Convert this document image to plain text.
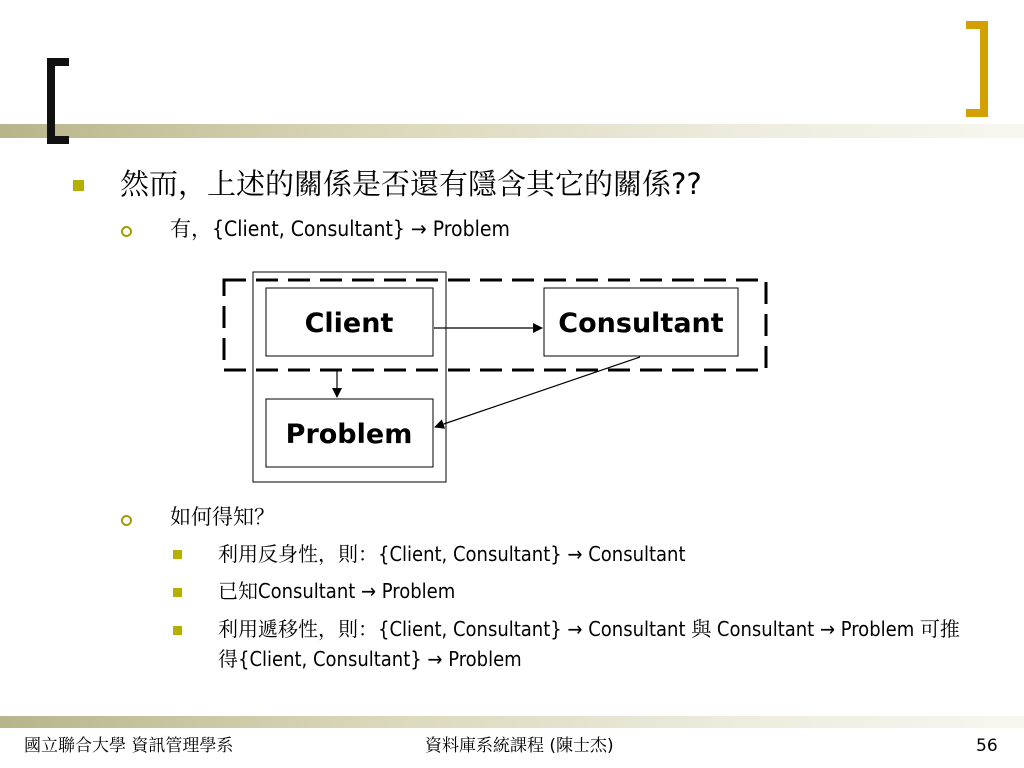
然而，上述的關係是否還有隱含其它的關係??
有，{Client, Consultant} → Problem
Client	Consultant
Problem
如何得知？
利用反身性，則：{Client, Consultant} → Consultant
已知Consultant → Problem
利用遞移性，則：{Client, Consultant} → Consultant 與 Consultant → Problem 可推
得{Client, Consultant} → Problem
國立聯合大學 資訊管理學系	資料庫系統課程 (陳士杰)	56
